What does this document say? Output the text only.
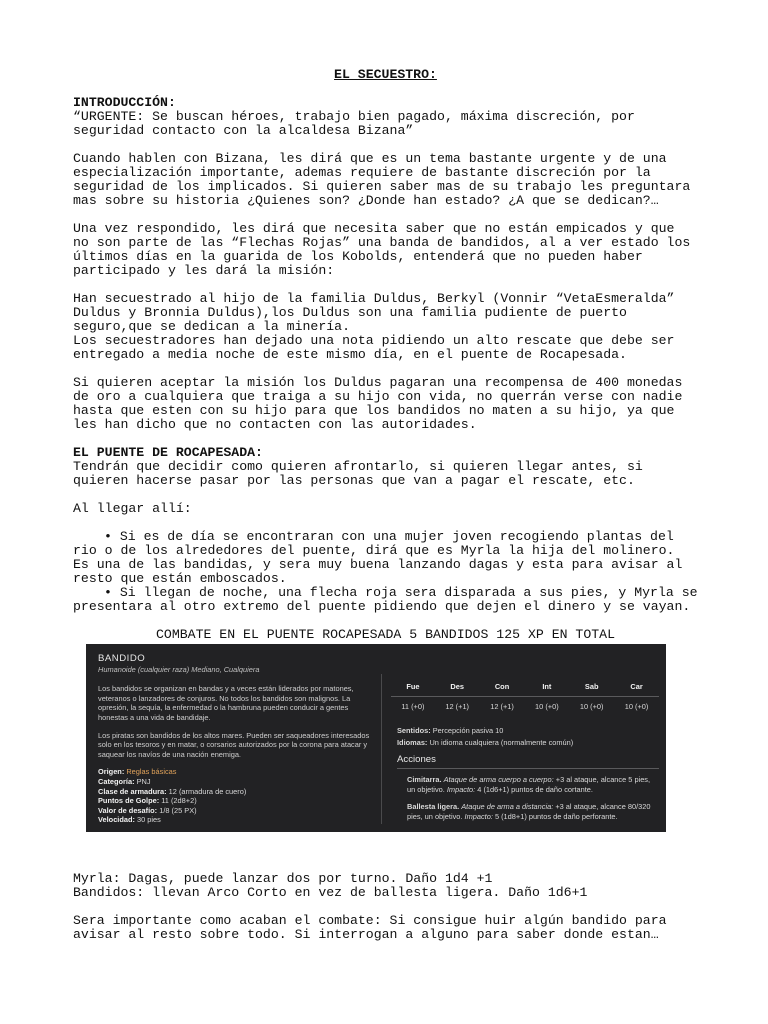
EL SECUESTRO:

INTRODUCCIÓN:
“URGENTE: Se buscan héroes, trabajo bien pagado, máxima discreción, por seguridad contacto con la alcaldesa Bizana”

Cuando hablen con Bizana, les dirá que es un tema bastante urgente y de una especialización importante, ademas requiere de bastante discreción por la seguridad de los implicados. Si quieren saber mas de su trabajo les preguntara mas sobre su historia ¿Quienes son? ¿Donde han estado? ¿A que se dedican?…

Una vez respondido, les dirá que necesita saber que no están empicados y que no son parte de las “Flechas Rojas” una banda de bandidos, al a ver estado los últimos días en la guarida de los Kobolds, entenderá que no pueden haber participado y les dará la misión:

Han secuestrado al hijo de la familia Duldus, Berkyl (Vonnir “VetaEsmeralda” Duldus y Bronnia Duldus),los Duldus son una familia pudiente de puerto seguro,que se dedican a la minería.
Los secuestradores han dejado una nota pidiendo un alto rescate que debe ser entregado a media noche de este mismo día, en el puente de Rocapesada.

Si quieren aceptar la misión los Duldus pagaran una recompensa de 400 monedas de oro a cualquiera que traiga a su hijo con vida, no querrán verse con nadie hasta que esten con su hijo para que los bandidos no maten a su hijo, ya que les han dicho que no contacten con las autoridades.

EL PUENTE DE ROCAPESADA:
Tendrán que decidir como quieren afrontarlo, si quieren llegar antes, si quieren hacerse pasar por las personas que van a pagar el rescate, etc.

Al llegar allí:

• Si es de día se encontraran con una mujer joven recogiendo plantas del rio o de los alrededores del puente, dirá que es Myrla la hija del molinero. Es una de las bandidas, y sera muy buena lanzando dagas y esta para avisar al resto que están emboscados.

• Si llegan de noche, una flecha roja sera disparada a sus pies, y Myrla se presentara al otro extremo del puente pidiendo que dejen el dinero y se vayan.

COMBATE EN EL PUENTE ROCAPESADA 5 BANDIDOS 125 XP EN TOTAL

BANDIDO
Humanoide (cualquier raza) Mediano, Cualquiera

Los bandidos se organizan en bandas y a veces están liderados por matones, veteranos o lanzadores de conjuros. No todos los bandidos son malignos. La opresión, la sequía, la enfermedad o la hambruna pueden conducir a gentes honestas a una vida de bandidaje.

Los piratas son bandidos de los altos mares. Pueden ser saqueadores interesados solo en los tesoros y en matar, o corsarios autorizados por la corona para atacar y saquear los navíos de una nación enemiga.

Origen: Reglas básicas

Categoría: PNJ

Clase de armadura: 12 (armadura de cuero)

Puntos de Golpe: 11 (2d8+2)

Valor de desafío: 1/8 (25 PX)

Velocidad: 30 pies

Fue	Des	Con	Int	Sab	Car
11 (+0)	12 (+1)	12 (+1)	10 (+0)	10 (+0)	10 (+0)

Sentidos: Percepción pasiva 10

Idiomas: Un idioma cualquiera (normalmente común)

Acciones

Cimitarra. Ataque de arma cuerpo a cuerpo: +3 al ataque, alcance 5 pies, un objetivo. Impacto: 4 (1d6+1) puntos de daño cortante.

Ballesta ligera. Ataque de arma a distancia: +3 al ataque, alcance 80/320 pies, un objetivo. Impacto: 5 (1d8+1) puntos de daño perforante.

Myrla: Dagas, puede lanzar dos por turno. Daño 1d4 +1
Bandidos: llevan Arco Corto en vez de ballesta ligera. Daño 1d6+1

Sera importante como acaban el combate: Si consigue huir algún bandido para avisar al resto sobre todo. Si interrogan a alguno para saber donde estan…
